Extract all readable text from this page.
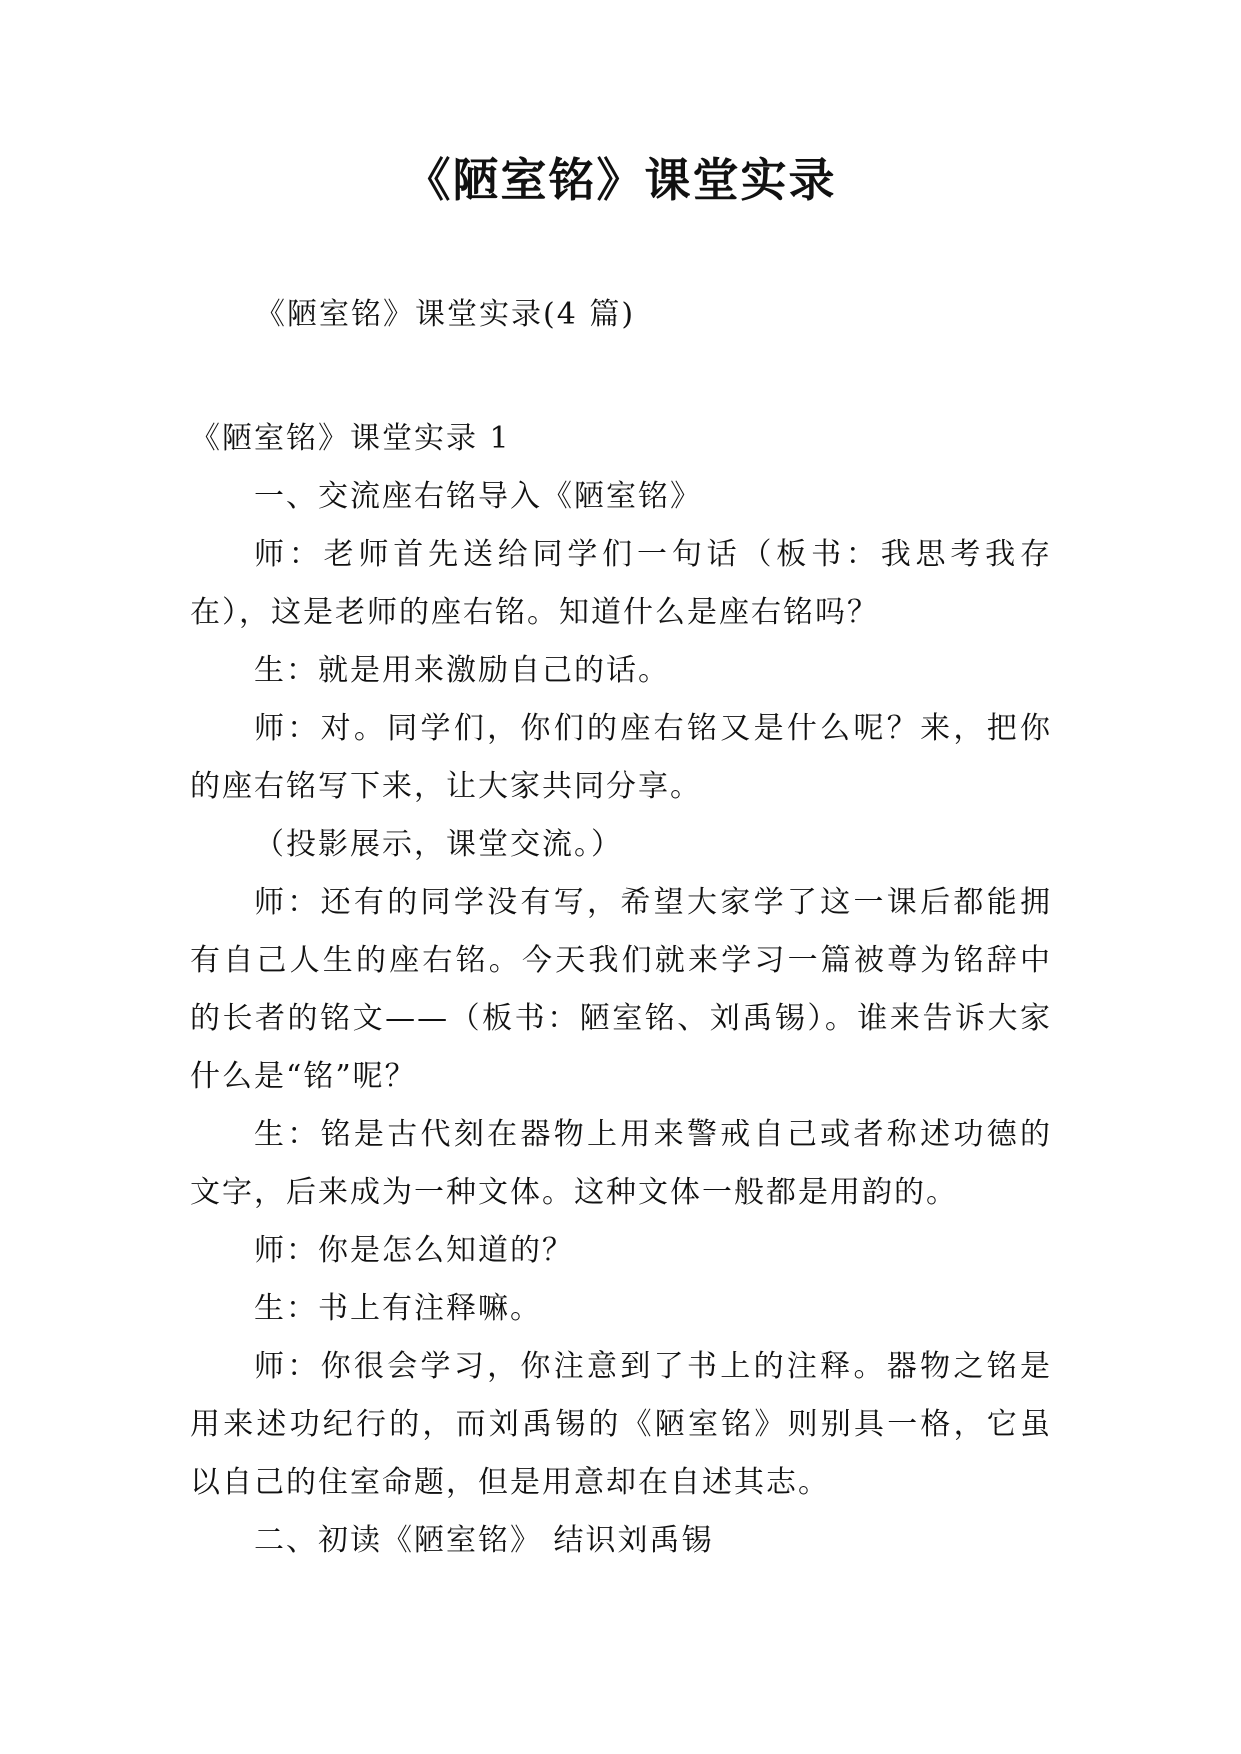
《陋室铭》课堂实录

《陋室铭》课堂实录(4 篇)

《陋室铭》课堂实录 1

一、交流座右铭导入《陋室铭》

师：老师首先送给同学们一句话（板书：我思考我存在），这是老师的座右铭。知道什么是座右铭吗？

生：就是用来激励自己的话。

师：对。同学们，你们的座右铭又是什么呢？来，把你的座右铭写下来，让大家共同分享。

（投影展示，课堂交流。）

师：还有的同学没有写，希望大家学了这一课后都能拥有自己人生的座右铭。今天我们就来学习一篇被尊为铭辞中的长者的铭文——（板书：陋室铭、刘禹锡）。谁来告诉大家什么是“铭”呢？

生：铭是古代刻在器物上用来警戒自己或者称述功德的文字，后来成为一种文体。这种文体一般都是用韵的。

师：你是怎么知道的？

生：书上有注释嘛。

师：你很会学习，你注意到了书上的注释。器物之铭是用来述功纪行的，而刘禹锡的《陋室铭》则别具一格，它虽以自己的住室命题，但是用意却在自述其志。

二、初读《陋室铭》 结识刘禹锡
